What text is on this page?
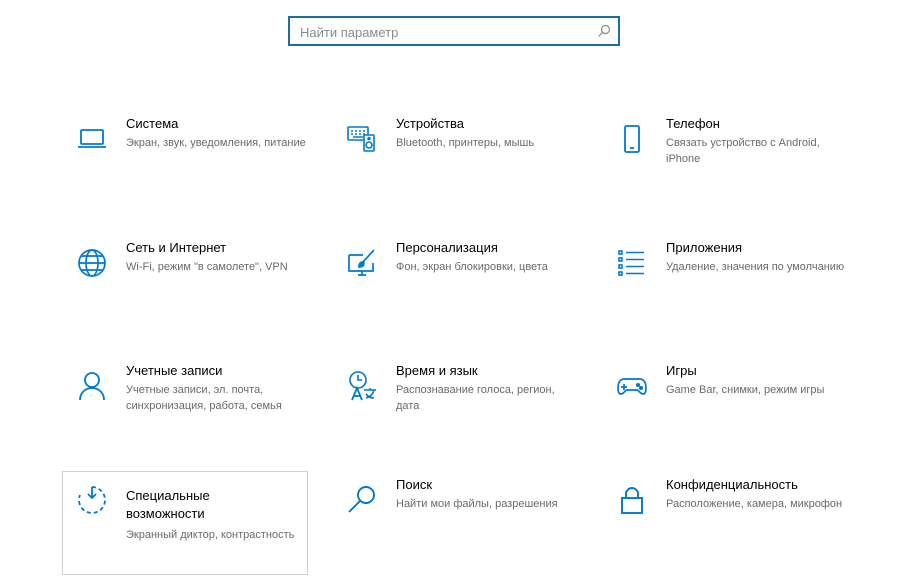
Найти параметр
Система
Экран, звук, уведомления, питание
Устройства
Bluetooth, принтеры, мышь
Телефон
Связать устройство с Android, iPhone
Сеть и Интернет
Wi-Fi, режим "в самолете", VPN
Персонализация
Фон, экран блокировки, цвета
Приложения
Удаление, значения по умолчанию
Учетные записи
Учетные записи, эл. почта, синхронизация, работа, семья
Время и язык
Распознавание голоса, регион, дата
Игры
Game Bar, снимки, режим игры
Специальные возможности
Экранный диктор, контрастность
Поиск
Найти мои файлы, разрешения
Конфиденциальность
Расположение, камера, микрофон
